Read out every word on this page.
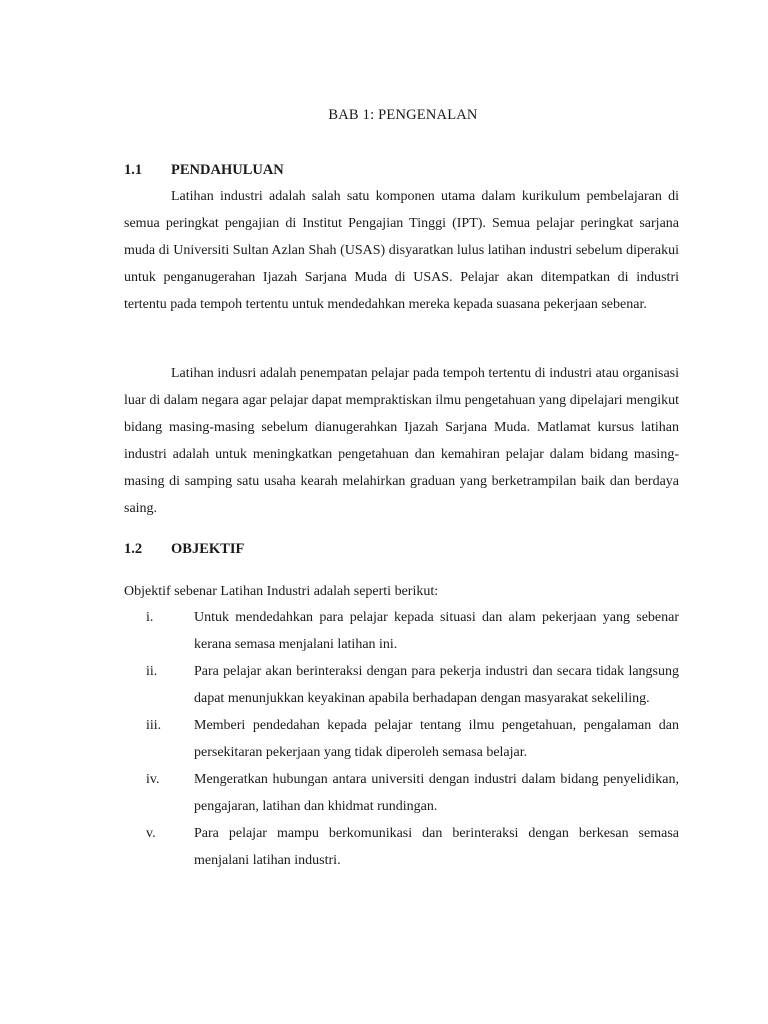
BAB 1: PENGENALAN
1.1	PENDAHULUAN

Latihan industri adalah salah satu komponen utama dalam kurikulum pembelajaran di semua peringkat pengajian di Institut Pengajian Tinggi (IPT). Semua pelajar peringkat sarjana muda di Universiti Sultan Azlan Shah (USAS) disyaratkan lulus latihan industri sebelum diperakui untuk penganugerahan Ijazah Sarjana Muda di USAS. Pelajar akan ditempatkan di industri tertentu pada tempoh tertentu untuk mendedahkan mereka kepada suasana pekerjaan sebenar.

Latihan indusri adalah penempatan pelajar pada tempoh tertentu di industri atau organisasi luar di dalam negara agar pelajar dapat mempraktiskan ilmu pengetahuan yang dipelajari mengikut bidang masing-masing sebelum dianugerahkan Ijazah Sarjana Muda. Matlamat kursus latihan industri adalah untuk meningkatkan pengetahuan dan kemahiran pelajar dalam bidang masing-masing di samping satu usaha kearah melahirkan graduan yang berketrampilan baik dan berdaya saing.

1.2	OBJEKTIF

Objektif sebenar Latihan Industri adalah seperti berikut:

i.	Untuk mendedahkan para pelajar kepada situasi dan alam pekerjaan yang sebenar kerana semasa menjalani latihan ini.
ii.	Para pelajar akan berinteraksi dengan para pekerja industri dan secara tidak langsung dapat menunjukkan keyakinan apabila berhadapan dengan masyarakat sekeliling.
iii.	Memberi pendedahan kepada pelajar tentang ilmu pengetahuan, pengalaman dan persekitaran pekerjaan yang tidak diperoleh semasa belajar.
iv.	Mengeratkan hubungan antara universiti dengan industri dalam bidang penyelidikan, pengajaran, latihan dan khidmat rundingan.
v.	Para pelajar mampu berkomunikasi dan berinteraksi dengan berkesan semasa menjalani latihan industri.
